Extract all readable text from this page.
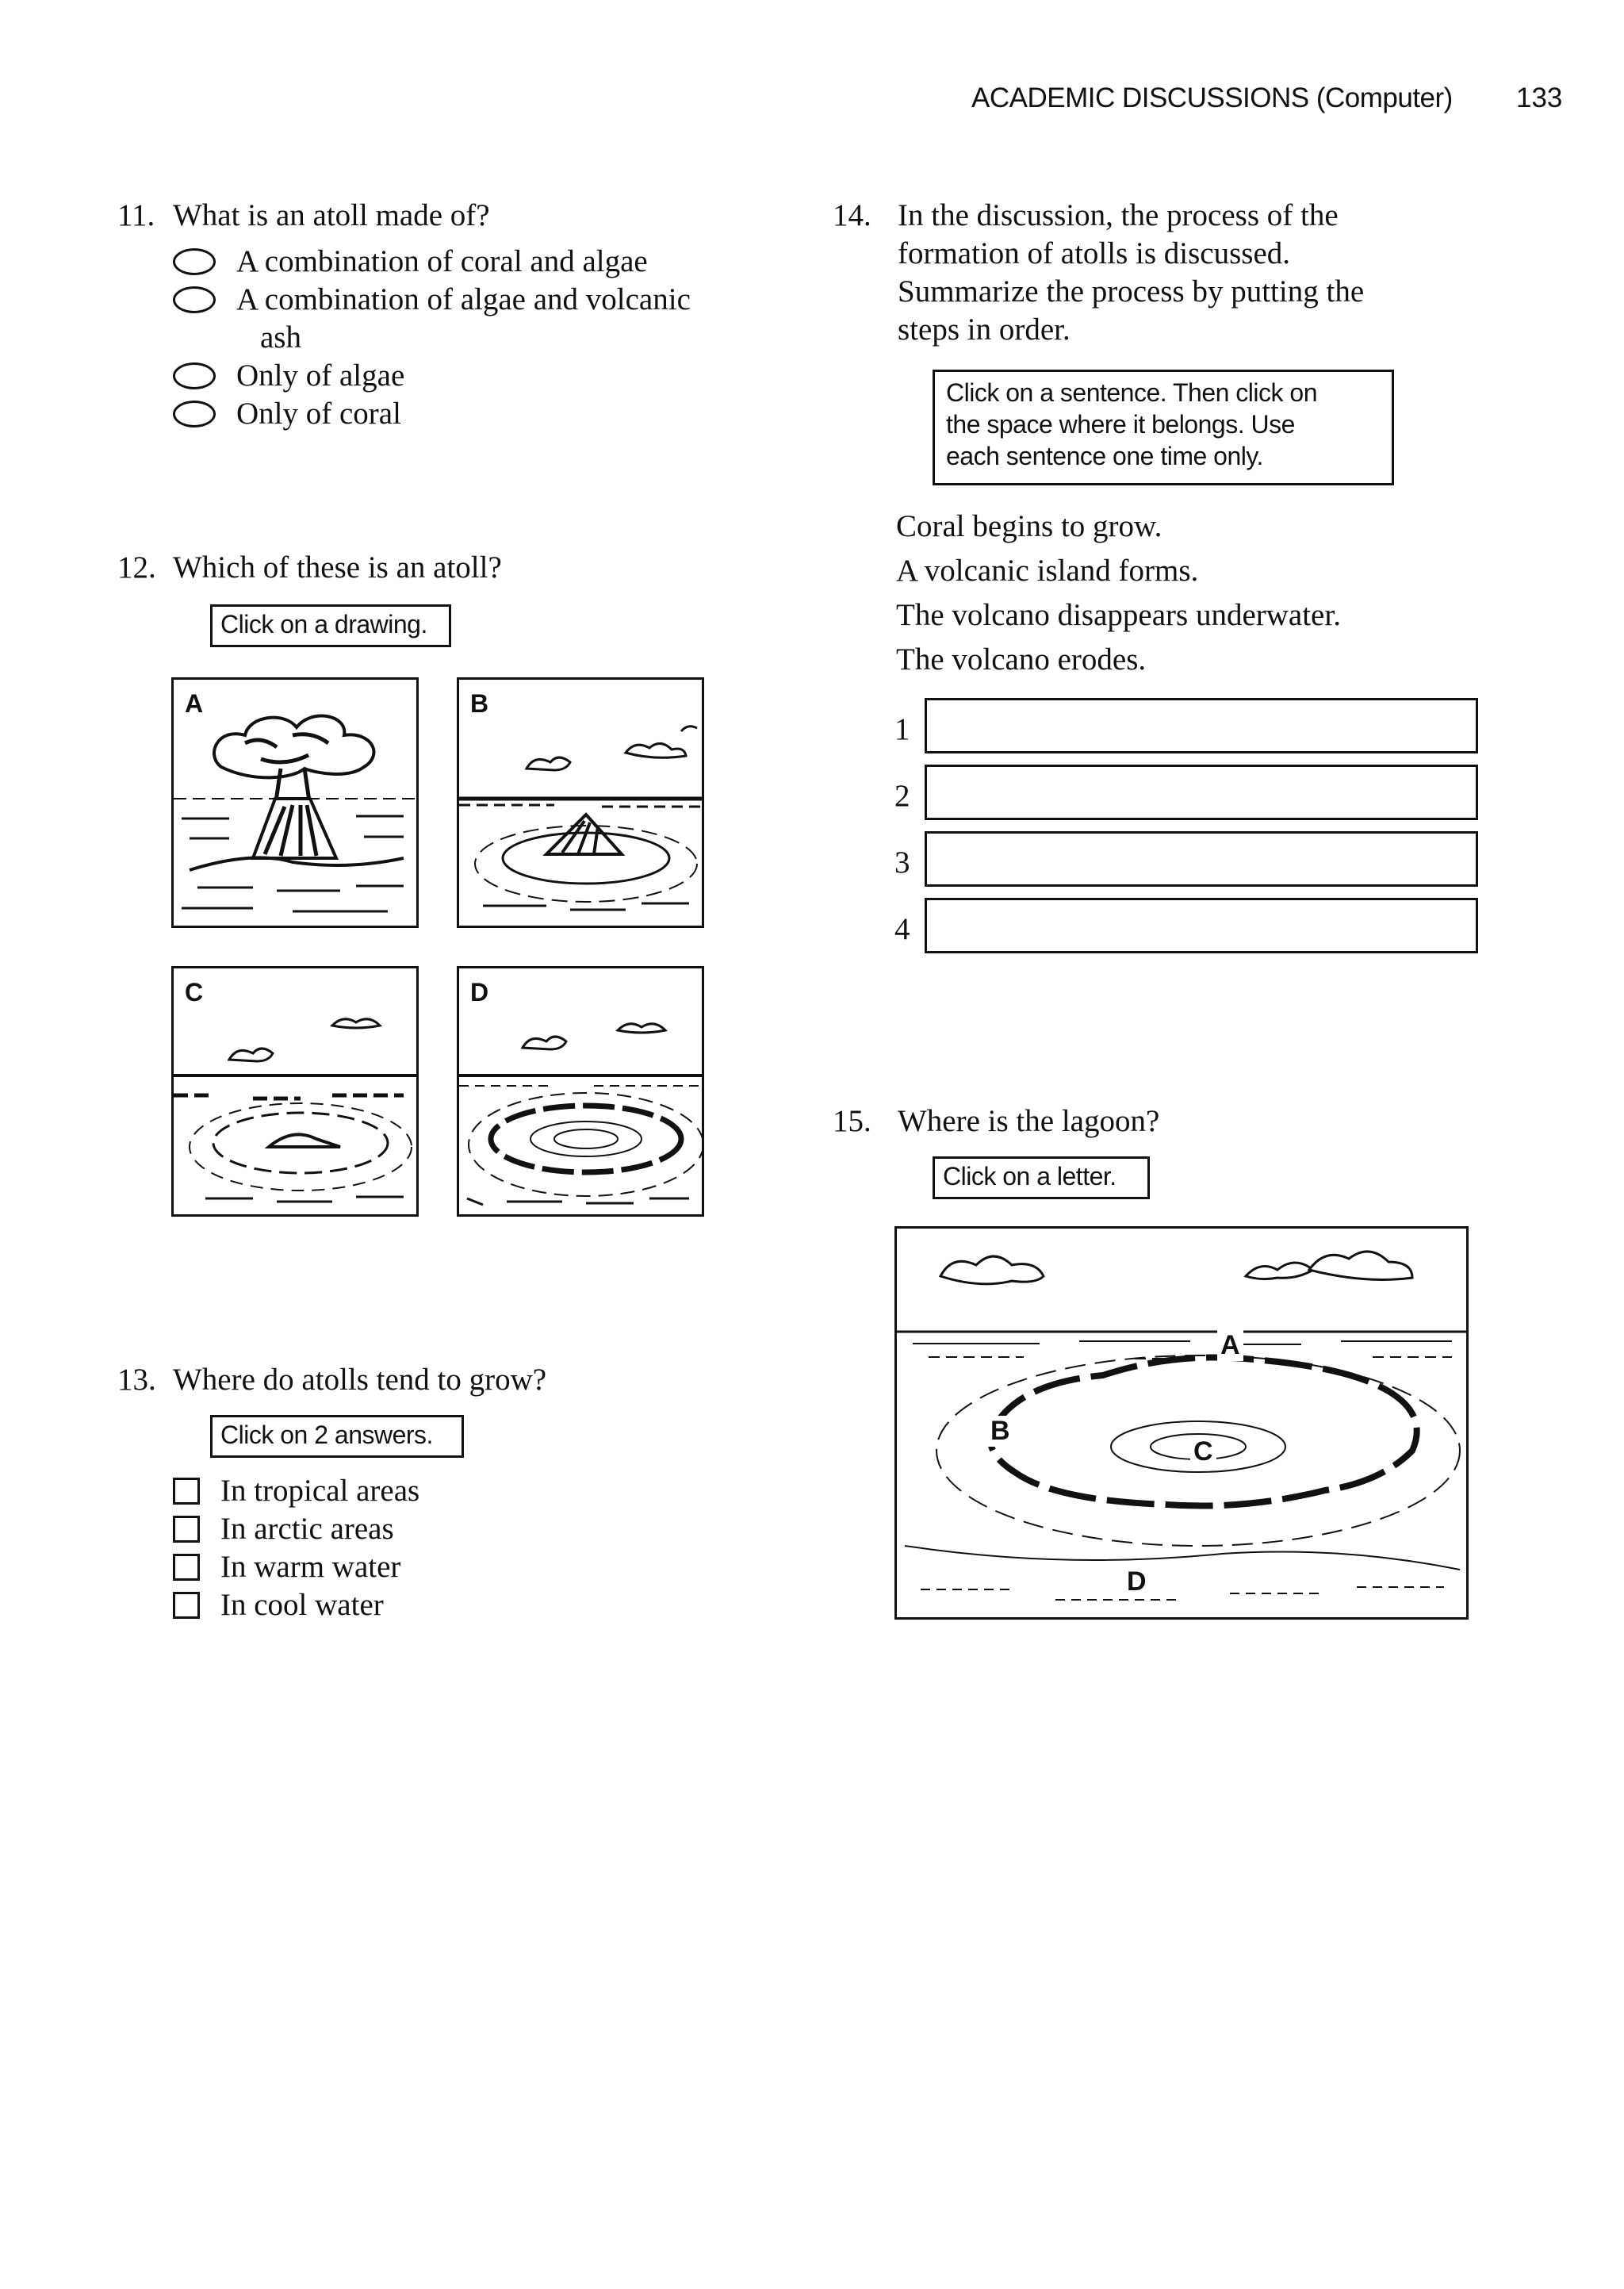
ACADEMIC DISCUSSIONS (Computer) 133
11. What is an atoll made of?
A combination of coral and algae
A combination of algae and volcanic
ash
Only of algae
Only of coral
12. Which of these is an atoll?
Click on a drawing.
A	B
C	D
13. Where do atolls tend to grow?
Click on 2 answers.
In tropical areas
In arctic areas
In warm water
In cool water
14. In the discussion, the process of the
formation of atolls is discussed.
Summarize the process by putting the
steps in order.
Click on a sentence. Then click on
the space where it belongs. Use
each sentence one time only.
Coral begins to grow.
A volcanic island forms.
The volcano disappears underwater.
The volcano erodes.
1
2
3
4
15. Where is the lagoon?
Click on a letter.
A
B
C
D
